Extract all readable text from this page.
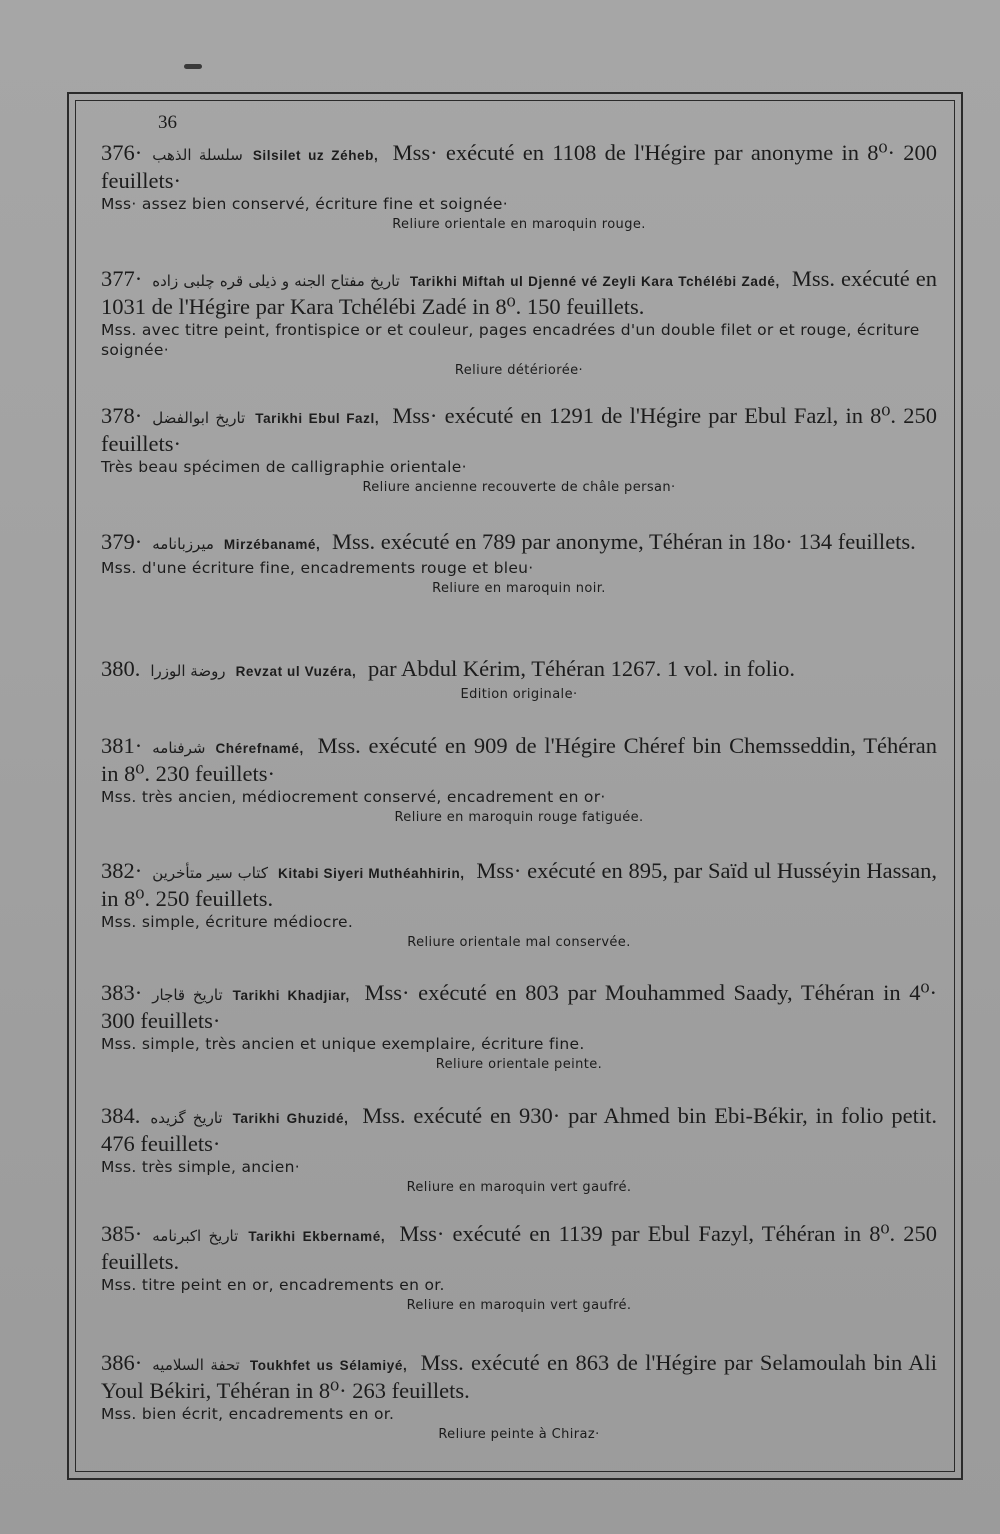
36
376· سلسلة الذهب Silsilet uz Zéheb, Mss· exécuté en 1108 de l'Hégire par anonyme in 8⁰· 200 feuillets·
Mss· assez bien conservé, écriture fine et soignée·
Reliure orientale en maroquin rouge.
377· تاریخ مفتاح الجنه و ذیلی قره چلبی زاده Tarikhi Miftah ul Djenné vé Zeyli Kara Tchélébi Zadé, Mss. exécuté en 1031 de l'Hégire par Kara Tchélébi Zadé in 8⁰. 150 feuillets.
Mss. avec titre peint, frontispice or et couleur, pages encadrées d'un double filet or et rouge, écriture soignée·
Reliure détériorée·
378· تاریخ ابوالفضل Tarikhi Ebul Fazl, Mss· exécuté en 1291 de l'Hégire par Ebul Fazl, in 8⁰. 250 feuillets·
Très beau spécimen de calligraphie orientale·
Reliure ancienne recouverte de châle persan·
379· میرزبانامه Mirzébanamé, Mss. exécuté en 789 par anonyme, Téhéran in 18o· 134 feuillets.
Mss. d'une écriture fine, encadrements rouge et bleu·
Reliure en maroquin noir.
380. روضة الوزرا Revzat ul Vuzéra, par Abdul Kérim, Téhéran 1267. 1 vol. in folio.
Edition originale·
381· شرفنامه Chérefnamé, Mss. exécuté en 909 de l'Hégire Chéref bin Chemsseddin, Téhéran in 8⁰. 230 feuillets·
Mss. très ancien, médiocrement conservé, encadrement en or·
Reliure en maroquin rouge fatiguée.
382· کتاب سیر متأخرین Kitabi Siyeri Muthéahhirin, Mss· exécuté en 895, par Saïd ul Husséyin Hassan, in 8⁰. 250 feuillets.
Mss. simple, écriture médiocre.
Reliure orientale mal conservée.
383· تاریخ قاجار Tarikhi Khadjiar, Mss· exécuté en 803 par Mouhammed Saady, Téhéran in 4⁰· 300 feuillets·
Mss. simple, très ancien et unique exemplaire, écriture fine.
Reliure orientale peinte.
384. تاریخ گزیده Tarikhi Ghuzidé, Mss. exécuté en 930· par Ahmed bin Ebi-Békir, in folio petit. 476 feuillets·
Mss. très simple, ancien·
Reliure en maroquin vert gaufré.
385· تاریخ اکبرنامه Tarikhi Ekbernamé, Mss· exécuté en 1139 par Ebul Fazyl, Téhéran in 8⁰. 250 feuillets.
Mss. titre peint en or, encadrements en or.
Reliure en maroquin vert gaufré.
386· تحفة السلامیه Toukhfet us Sélamiyé, Mss. exécuté en 863 de l'Hégire par Selamoulah bin Ali Youl Békiri, Téhéran in 8⁰· 263 feuillets.
Mss. bien écrit, encadrements en or.
Reliure peinte à Chiraz·
